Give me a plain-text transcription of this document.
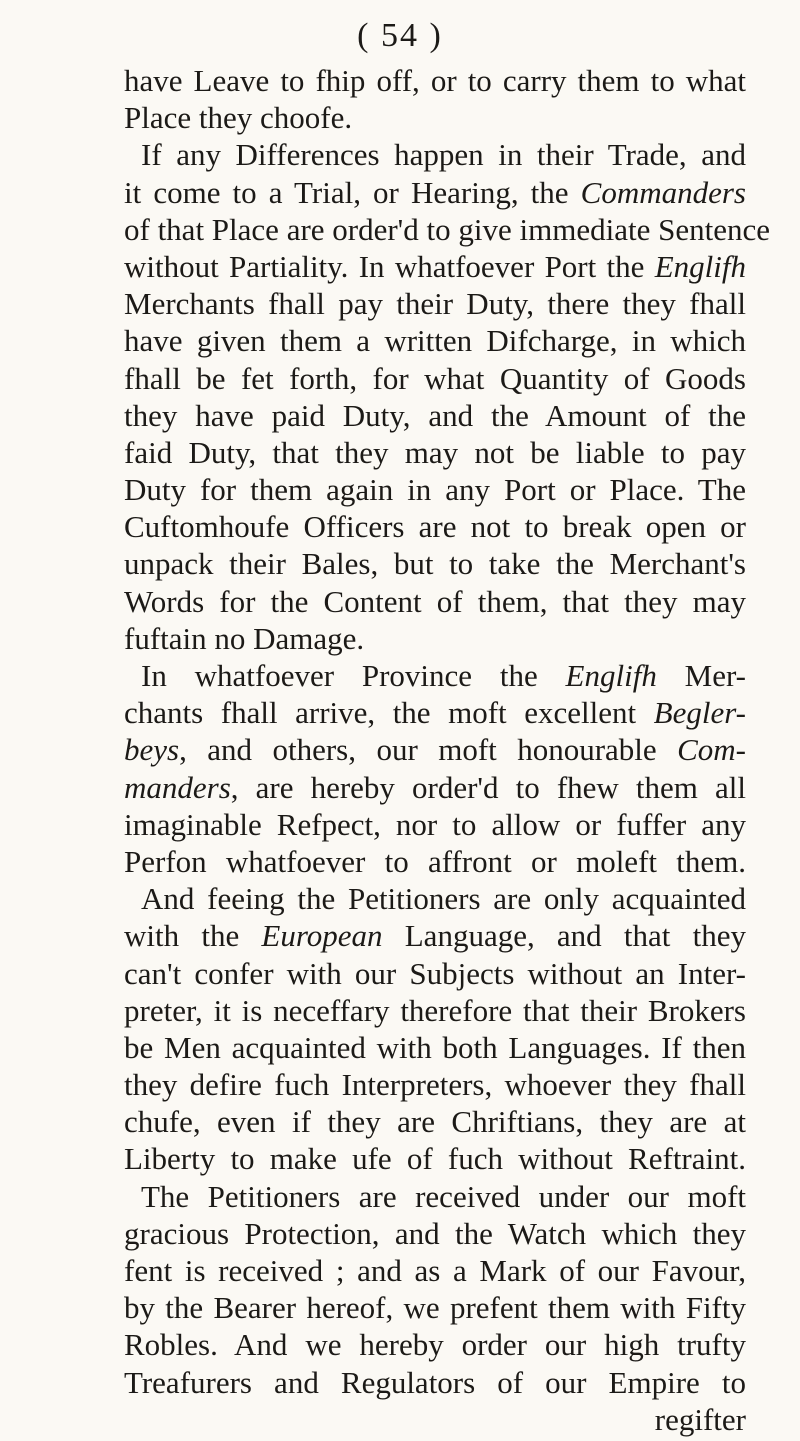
( 54 )
have Leave to fhip off, or to carry them to what
Place they choofe.
If any Differences happen in their Trade, and
it come to a Trial, or Hearing, the Commanders
of that Place are order'd to give immediate Sentence
without Partiality. In whatfoever Port the Englifh
Merchants fhall pay their Duty, there they fhall
have given them a written Difcharge, in which
fhall be fet forth, for what Quantity of Goods
they have paid Duty, and the Amount of the
faid Duty, that they may not be liable to pay
Duty for them again in any Port or Place. The
Cuftomhoufe Officers are not to break open or
unpack their Bales, but to take the Merchant's
Words for the Content of them, that they may
fuftain no Damage.
In whatfoever Province the Englifh Mer-
chants fhall arrive, the moft excellent Begler-
beys, and others, our moft honourable Com-
manders, are hereby order'd to fhew them all
imaginable Refpect, nor to allow or fuffer any
Perfon whatfoever to affront or moleft them.
And feeing the Petitioners are only acquainted
with the European Language, and that they
can't confer with our Subjects without an Inter-
preter, it is neceffary therefore that their Brokers
be Men acquainted with both Languages. If then
they defire fuch Interpreters, whoever they fhall
chufe, even if they are Chriftians, they are at
Liberty to make ufe of fuch without Reftraint.
The Petitioners are received under our moft
gracious Protection, and the Watch which they
fent is received ; and as a Mark of our Favour,
by the Bearer hereof, we prefent them with Fifty
Robles. And we hereby order our high trufty
Treafurers and Regulators of our Empire to
regifter
